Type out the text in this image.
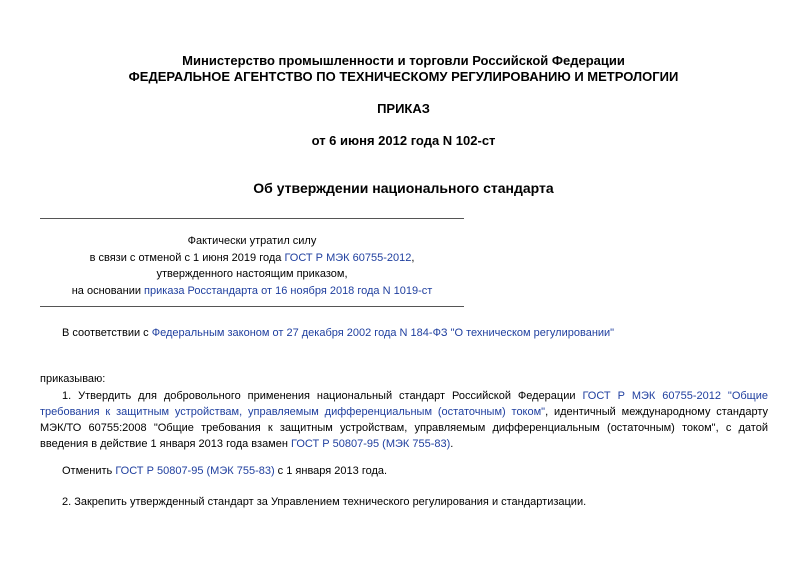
Министерство промышленности и торговли Российской Федерации
ФЕДЕРАЛЬНОЕ АГЕНТСТВО ПО ТЕХНИЧЕСКОМУ РЕГУЛИРОВАНИЮ И МЕТРОЛОГИИ
ПРИКАЗ
от 6 июня 2012 года N 102-ст
Об утверждении национального стандарта
Фактически утратил силу
в связи с отменой с 1 июня 2019 года ГОСТ Р МЭК 60755-2012,
утвержденного настоящим приказом,
на основании приказа Росстандарта от 16 ноября 2018 года N 1019-ст
В соответствии с Федеральным законом от 27 декабря 2002 года N 184-ФЗ "О техническом регулировании"
приказываю:
1. Утвердить для добровольного применения национальный стандарт Российской Федерации ГОСТ Р МЭК 60755-2012 "Общие требования к защитным устройствам, управляемым дифференциальным (остаточным) током", идентичный международному стандарту МЭК/ТО 60755:2008 "Общие требования к защитным устройствам, управляемым дифференциальным (остаточным) током", с датой введения в действие 1 января 2013 года взамен ГОСТ Р 50807-95 (МЭК 755-83).
Отменить ГОСТ Р 50807-95 (МЭК 755-83) с 1 января 2013 года.
2. Закрепить утвержденный стандарт за Управлением технического регулирования и стандартизации.
